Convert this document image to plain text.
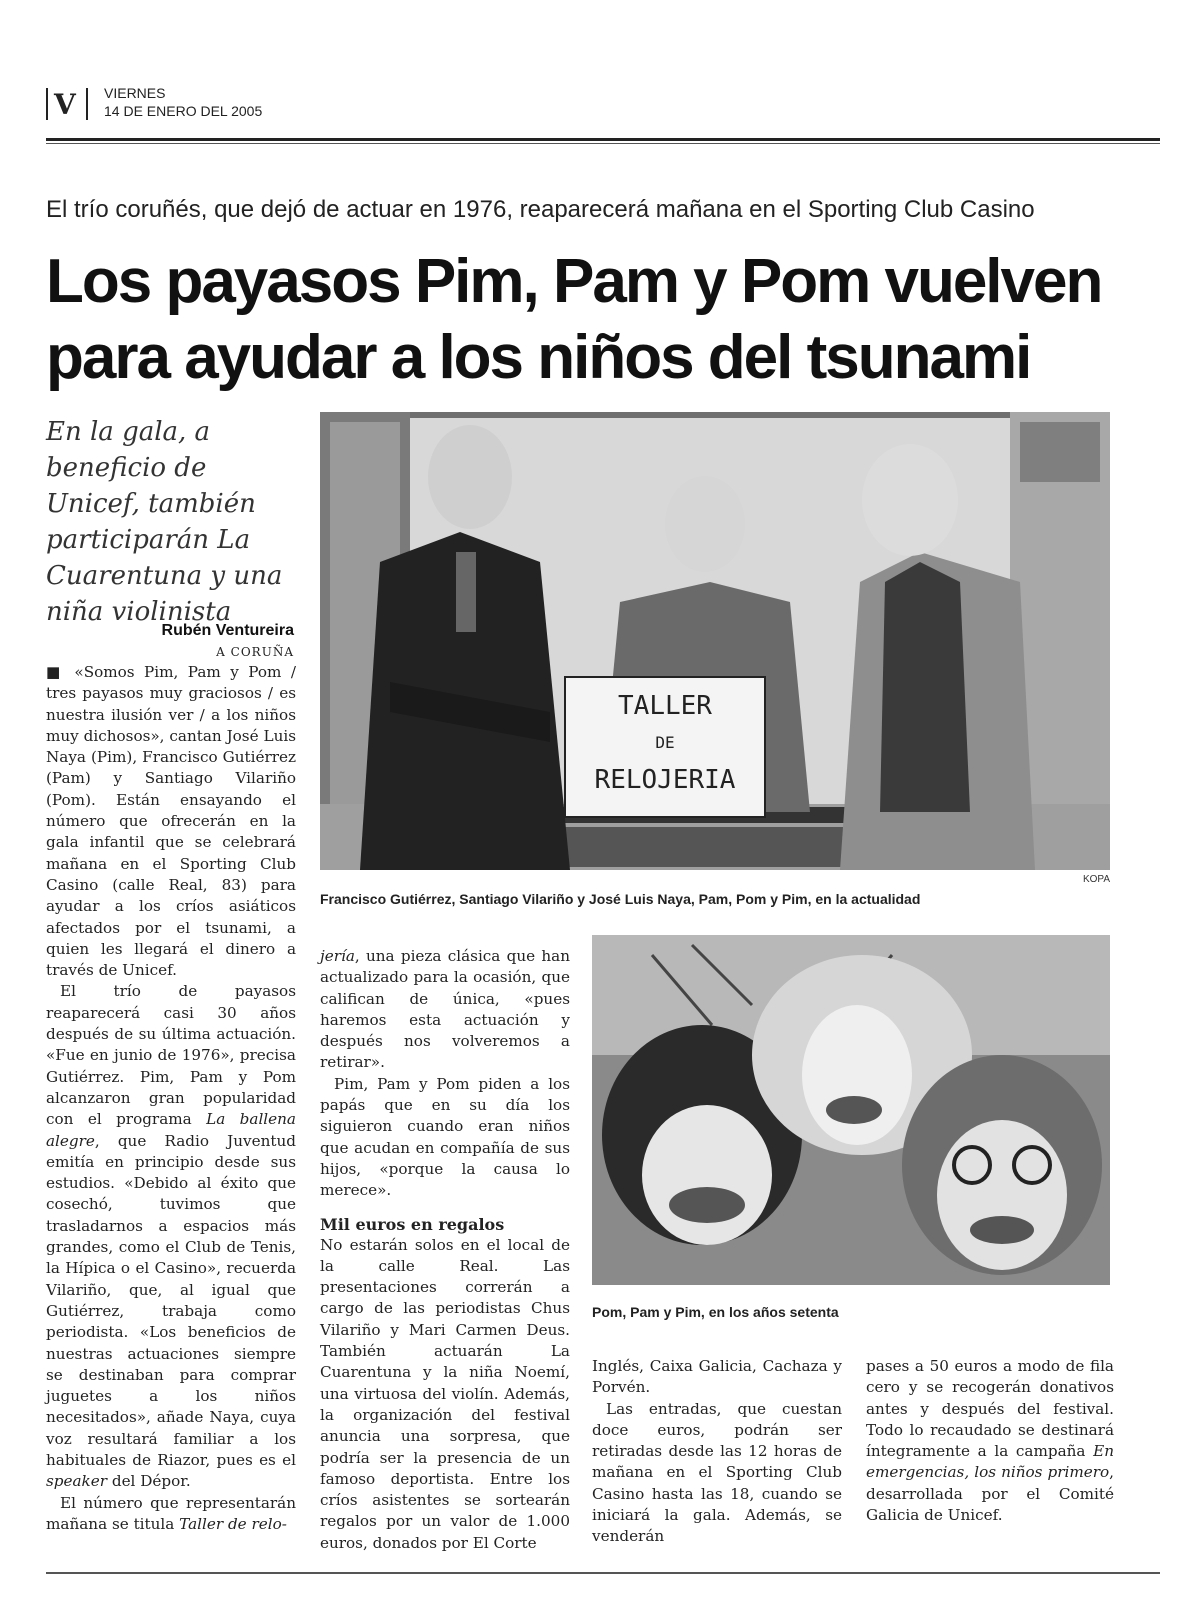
V VIERNES
14 DE ENERO DEL 2005
El trío coruñés, que dejó de actuar en 1976, reaparecerá mañana en el Sporting Club Casino
Los payasos Pim, Pam y Pom vuelven
para ayudar a los niños del tsunami
En la gala, a beneficio de Unicef, también participarán La Cuarentuna y una niña violinista
Rubén Ventureira
A CORUÑA

■ «Somos Pim, Pam y Pom / tres payasos muy graciosos / es nuestra ilusión ver / a los niños muy dichosos», cantan José Luis Naya (Pim), Francisco Gutiérrez (Pam) y Santiago Vilariño (Pom). Están ensayando el número que ofrecerán en la gala infantil que se celebrará mañana en el Sporting Club Casino (calle Real, 83) para ayudar a los críos asiáticos afectados por el tsunami, a quien les llegará el dinero a través de Unicef.

El trío de payasos reaparecerá casi 30 años después de su última actuación. «Fue en junio de 1976», precisa Gutiérrez. Pim, Pam y Pom alcanzaron gran popularidad con el programa La ballena alegre, que Radio Juventud emitía en principio desde sus estudios. «Debido al éxito que cosechó, tuvimos que trasladarnos a espacios más grandes, como el Club de Tenis, la Hípica o el Casino», recuerda Vilariño, que, al igual que Gutiérrez, trabaja como periodista. «Los beneficios de nuestras actuaciones siempre se destinaban para comprar juguetes a los niños necesitados», añade Naya, cuya voz resultará familiar a los habituales de Riazor, pues es el speaker del Dépor.

El número que representarán mañana se titula Taller de relo-

TALLER
DE
RELOJERIA
KOPA
Francisco Gutiérrez, Santiago Vilariño y José Luis Naya, Pam, Pom y Pim, en la actualidad

jería, una pieza clásica que han actualizado para la ocasión, que califican de única, «pues haremos esta actuación y después nos volveremos a retirar».

Pim, Pam y Pom piden a los papás que en su día los siguieron cuando eran niños que acudan en compañía de sus hijos, «porque la causa lo merece».

Mil euros en regalos

No estarán solos en el local de la calle Real. Las presentaciones correrán a cargo de las periodistas Chus Vilariño y Mari Carmen Deus. También actuarán La Cuarentuna y la niña Noemí, una virtuosa del violín. Además, la organización del festival anuncia una sorpresa, que podría ser la presencia de un famoso deportista. Entre los críos asistentes se sortearán regalos por un valor de 1.000 euros, donados por El Corte

Pom, Pam y Pim, en los años setenta

Inglés, Caixa Galicia, Cachaza y Porvén.

Las entradas, que cuestan doce euros, podrán ser retiradas desde las 12 horas de mañana en el Sporting Club Casino hasta las 18, cuando se iniciará la gala. Además, se venderán

pases a 50 euros a modo de fila cero y se recogerán donativos antes y después del festival. Todo lo recaudado se destinará íntegramente a la campaña En emergencias, los niños primero, desarrollada por el Comité Galicia de Unicef.
